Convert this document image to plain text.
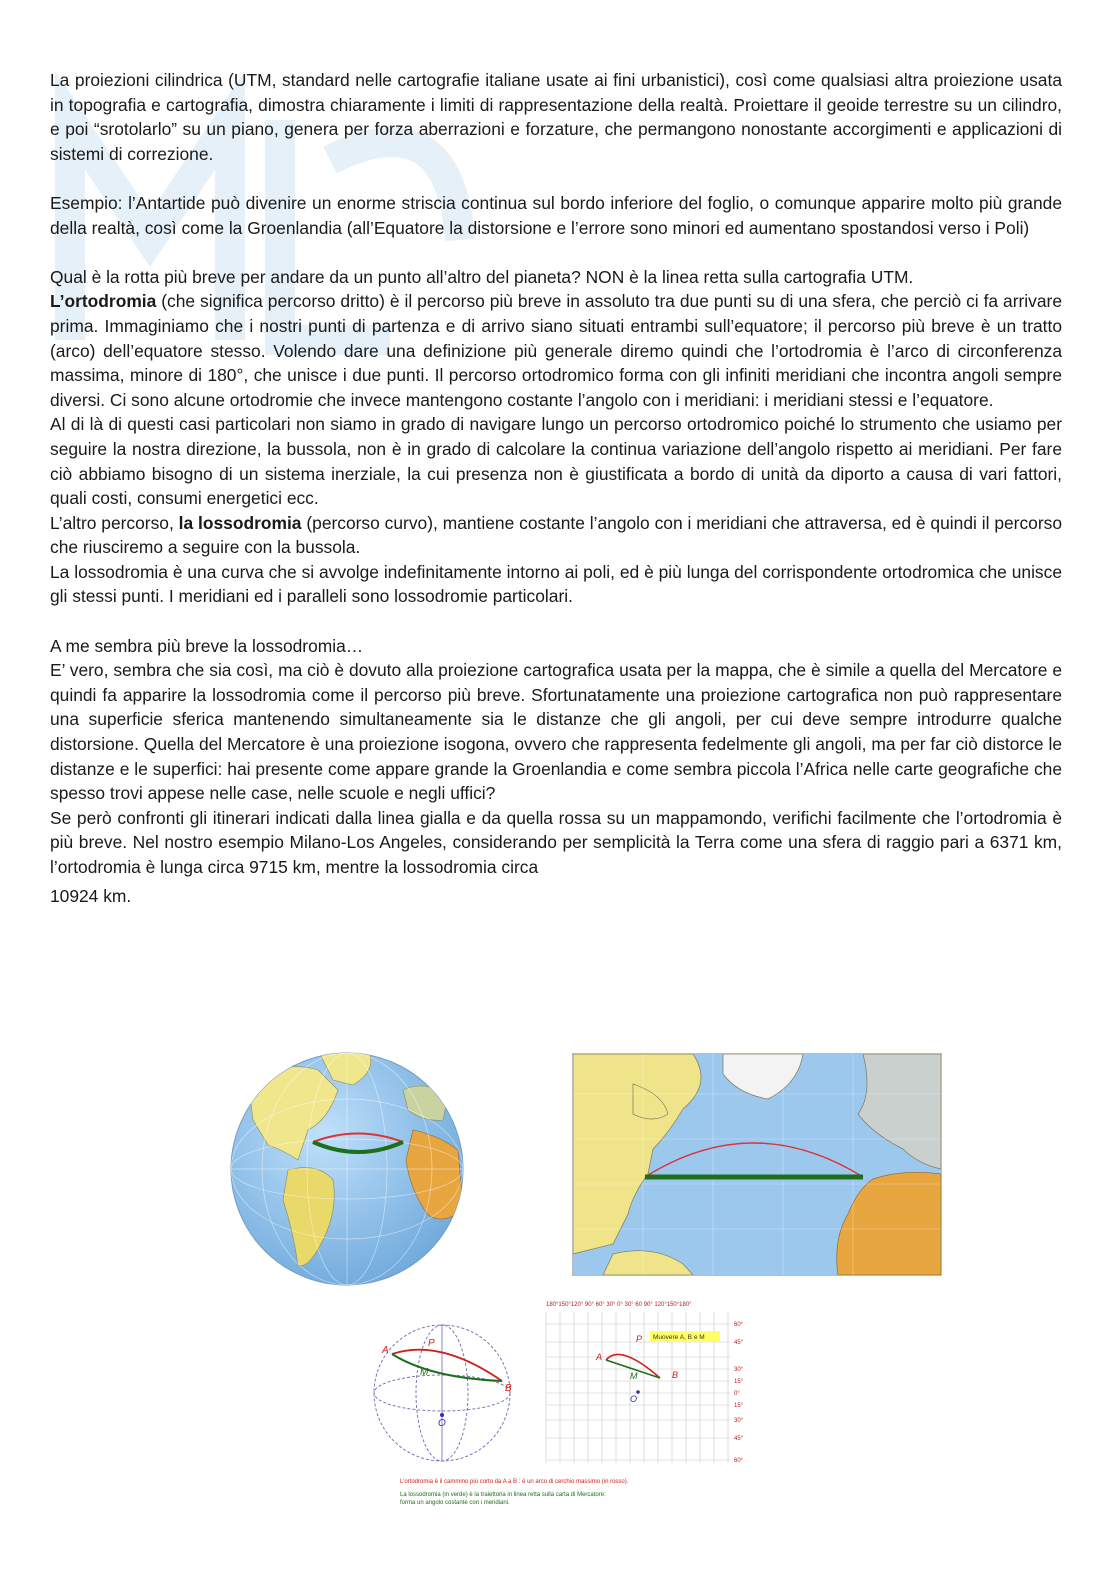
La proiezioni cilindrica (UTM, standard nelle cartografie italiane usate ai fini urbanistici), così come qualsiasi altra proiezione usata in topografia e cartografia, dimostra chiaramente i limiti di rappresentazione della realtà. Proiettare il geoide terrestre su un cilindro, e poi “srotolarlo” su un piano, genera per forza aberrazioni e forzature, che permangono nonostante accorgimenti e applicazioni di sistemi di correzione.

Esempio: l’Antartide può divenire un enorme striscia continua sul bordo inferiore del foglio, o comunque apparire molto più grande della realtà, così come la Groenlandia (all’Equatore la distorsione e l’errore sono minori ed aumentano spostandosi verso i Poli)

Qual è la rotta più breve per andare da un punto all’altro del pianeta? NON è la linea retta sulla cartografia UTM.

L’ortodromia (che significa percorso dritto) è il percorso più breve in assoluto tra due punti su di una sfera, che perciò ci fa arrivare prima. Immaginiamo che i nostri punti di partenza e di arrivo siano situati entrambi sull’equatore; il percorso più breve è un tratto (arco) dell’equatore stesso. Volendo dare una definizione più generale diremo quindi che l’ortodromia è l’arco di circonferenza massima, minore di 180°, che unisce i due punti. Il percorso ortodromico forma con gli infiniti meridiani che incontra angoli sempre diversi. Ci sono alcune ortodromie che invece mantengono costante l’angolo con i meridiani: i meridiani stessi e l’equatore.

Al di là di questi casi particolari non siamo in grado di navigare lungo un percorso ortodromico poiché lo strumento che usiamo per seguire la nostra direzione, la bussola, non è in grado di calcolare la continua variazione dell’angolo rispetto ai meridiani. Per fare ciò abbiamo bisogno di un sistema inerziale, la cui presenza non è giustificata a bordo di unità da diporto a causa di vari fattori, quali costi, consumi energetici ecc.

L’altro percorso, la lossodromia (percorso curvo), mantiene costante l’angolo con i meridiani che attraversa, ed è quindi il percorso che riusciremo a seguire con la bussola.

La lossodromia è una curva che si avvolge indefinitamente intorno ai poli, ed è più lunga del corrispondente ortodromica che unisce gli stessi punti. I meridiani ed i paralleli sono lossodromie particolari.

A me sembra più breve la lossodromia…

E’ vero, sembra che sia così, ma ciò è dovuto alla proiezione cartografica usata per la mappa, che è simile a quella del Mercatore e quindi fa apparire la lossodromia come il percorso più breve. Sfortunatamente una proiezione cartografica non può rappresentare una superficie sferica mantenendo simultaneamente sia le distanze che gli angoli, per cui deve sempre introdurre qualche distorsione. Quella del Mercatore è una proiezione isogona, ovvero che rappresenta fedelmente gli angoli, ma per far ciò distorce le distanze e le superfici: hai presente come appare grande la Groenlandia e come sembra piccola l’Africa nelle carte geografiche che spesso trovi appese nelle case, nelle scuole e negli uffici?

Se però confronti gli itinerari indicati dalla linea gialla e da quella rossa su un mappamondo, verifichi facilmente che l’ortodromia è più breve. Nel nostro esempio Milano-Los Angeles, considerando per semplicità la Terra come una sfera di raggio pari a 6371 km, l’ortodromia è lunga circa 9715 km, mentre la lossodromia circa

10924 km.

A
P
M
B
O
180°150°120° 90° 60° 30° 0° 30° 60 90° 120°150°180°
60°
45°
30°
15°
0°
15°
30°
45°
60°
Muovere A, B e M
A
P
M	B
O
L’ortodromia è il cammino più corto da A a B : è un arco di cerchio massimo (in rosso).
La lossodromia (in verde) è la traiettoria in linea retta sulla carta di Mercatore:
forma un angolo costante con i meridiani.
